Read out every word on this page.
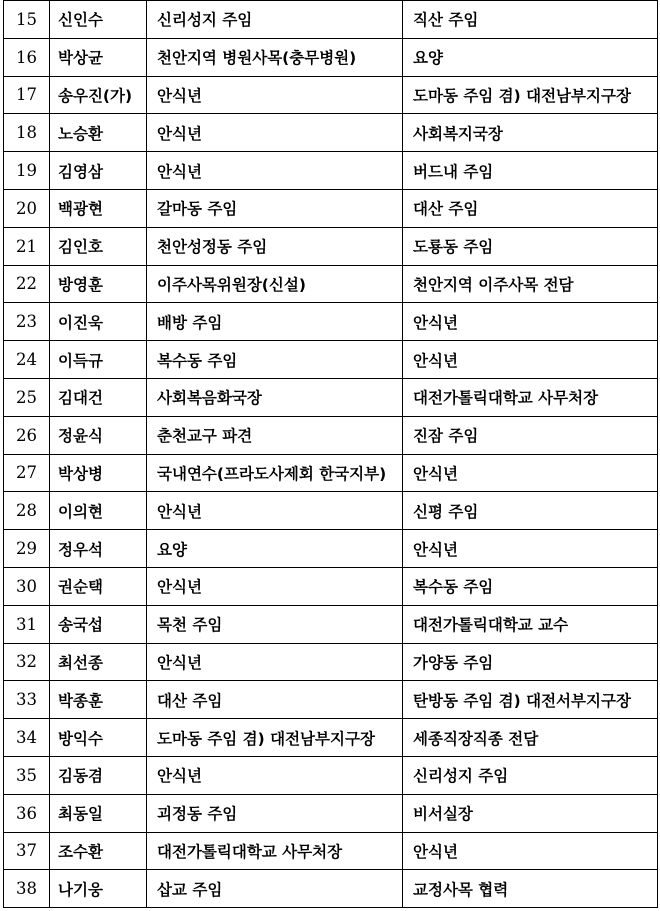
15	신인수	신리성지 주임	직산 주임
16	박상균	천안지역 병원사목(충무병원)	요양
17	송우진(가)	안식년	도마동 주임 겸) 대전남부지구장
18	노승환	안식년	사회복지국장
19	김영삼	안식년	버드내 주임
20	백광현	갈마동 주임	대산 주임
21	김인호	천안성정동 주임	도룡동 주임
22	방영훈	이주사목위원장(신설)	천안지역 이주사목 전담
23	이진욱	배방 주임	안식년
24	이득규	복수동 주임	안식년
25	김대건	사회복음화국장	대전가톨릭대학교 사무처장
26	정윤식	춘천교구 파견	진잠 주임
27	박상병	국내연수(프라도사제회 한국지부)	안식년
28	이의현	안식년	신평 주임
29	정우석	요양	안식년
30	권순택	안식년	복수동 주임
31	송국섭	목천 주임	대전가톨릭대학교 교수
32	최선종	안식년	가양동 주임
33	박종훈	대산 주임	탄방동 주임 겸) 대전서부지구장
34	방익수	도마동 주임 겸) 대전남부지구장	세종직장직종 전담
35	김동겸	안식년	신리성지 주임
36	최동일	괴정동 주임	비서실장
37	조수환	대전가톨릭대학교 사무처장	안식년
38	나기웅	삽교 주임	교정사목 협력
